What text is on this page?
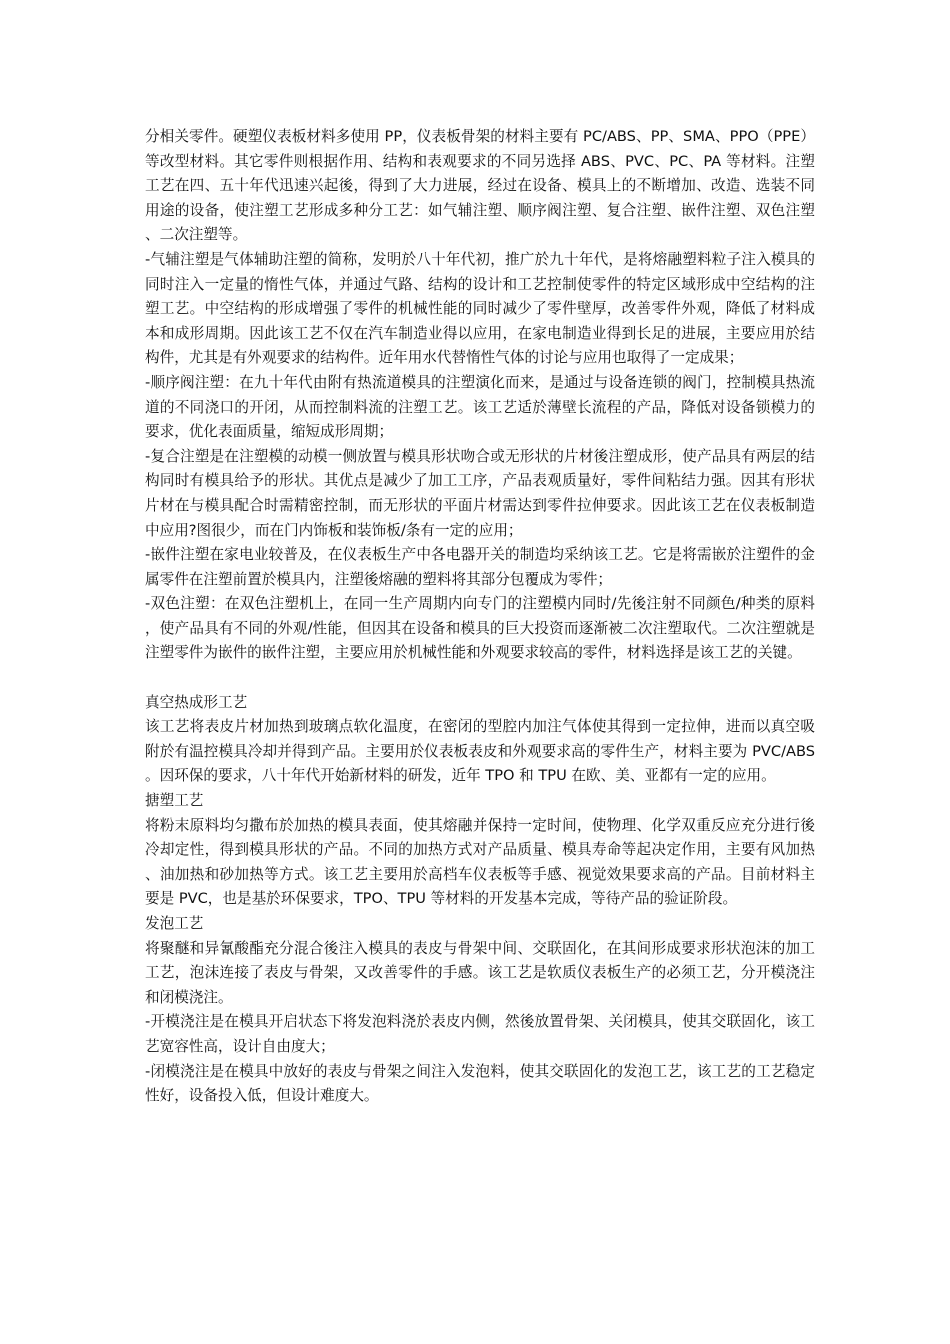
分相关零件。硬塑仪表板材料多使用 PP，仪表板骨架的材料主要有 PC/ABS、PP、SMA、PPO（PPE）等改型材料。其它零件则根据作用、结构和表观要求的不同另选择 ABS、PVC、PC、PA 等材料。注塑工艺在四、五十年代迅速兴起後，得到了大力进展，经过在设备、模具上的不断增加、改造、选装不同用途的设备，使注塑工艺形成多种分工艺：如气辅注塑、顺序阀注塑、复合注塑、嵌件注塑、双色注塑、二次注塑等。

-气辅注塑是气体辅助注塑的简称，发明於八十年代初，推广於九十年代，是将熔融塑料粒子注入模具的同时注入一定量的惰性气体，并通过气路、结构的设计和工艺控制使零件的特定区域形成中空结构的注塑工艺。中空结构的形成增强了零件的机械性能的同时减少了零件壁厚，改善零件外观，降低了材料成本和成形周期。因此该工艺不仅在汽车制造业得以应用，在家电制造业得到长足的进展，主要应用於结构件，尤其是有外观要求的结构件。近年用水代替惰性气体的讨论与应用也取得了一定成果；

-顺序阀注塑：在九十年代由附有热流道模具的注塑演化而来，是通过与设备连锁的阀门，控制模具热流道的不同浇口的开闭，从而控制料流的注塑工艺。该工艺适於薄壁长流程的产品，降低对设备锁模力的要求，优化表面质量，缩短成形周期；

-复合注塑是在注塑模的动模一侧放置与模具形状吻合或无形状的片材後注塑成形，使产品具有两层的结构同时有模具给予的形状。其优点是减少了加工工序，产品表观质量好，零件间粘结力强。因其有形状片材在与模具配合时需精密控制，而无形状的平面片材需达到零件拉伸要求。因此该工艺在仪表板制造中应用?图很少，而在门内饰板和装饰板/条有一定的应用；

-嵌件注塑在家电业较普及，在仪表板生产中各电器开关的制造均采纳该工艺。它是将需嵌於注塑件的金属零件在注塑前置於模具内，注塑後熔融的塑料将其部分包覆成为零件；

-双色注塑：在双色注塑机上，在同一生产周期内向专门的注塑模内同时/先後注射不同颜色/种类的原料，使产品具有不同的外观/性能，但因其在设备和模具的巨大投资而逐渐被二次注塑取代。二次注塑就是注塑零件为嵌件的嵌件注塑，主要应用於机械性能和外观要求较高的零件，材料选择是该工艺的关键。

真空热成形工艺

该工艺将表皮片材加热到玻璃点软化温度，在密闭的型腔内加注气体使其得到一定拉伸，进而以真空吸附於有温控模具冷却并得到产品。主要用於仪表板表皮和外观要求高的零件生产，材料主要为 PVC/ABS。因环保的要求，八十年代开始新材料的研发，近年 TPO 和 TPU 在欧、美、亚都有一定的应用。

搪塑工艺

将粉末原料均匀撒布於加热的模具表面，使其熔融并保持一定时间，使物理、化学双重反应充分进行後冷却定性，得到模具形状的产品。不同的加热方式对产品质量、模具寿命等起决定作用，主要有风加热、油加热和砂加热等方式。该工艺主要用於高档车仪表板等手感、视觉效果要求高的产品。目前材料主要是 PVC，也是基於环保要求，TPO、TPU 等材料的开发基本完成，等待产品的验证阶段。

发泡工艺

将聚醚和异氰酸酯充分混合後注入模具的表皮与骨架中间、交联固化，在其间形成要求形状泡沫的加工工艺，泡沫连接了表皮与骨架，又改善零件的手感。该工艺是软质仪表板生产的必须工艺，分开模浇注和闭模浇注。

-开模浇注是在模具开启状态下将发泡料浇於表皮内侧，然後放置骨架、关闭模具，使其交联固化，该工艺宽容性高，设计自由度大；

-闭模浇注是在模具中放好的表皮与骨架之间注入发泡料，使其交联固化的发泡工艺，该工艺的工艺稳定性好，设备投入低，但设计难度大。
